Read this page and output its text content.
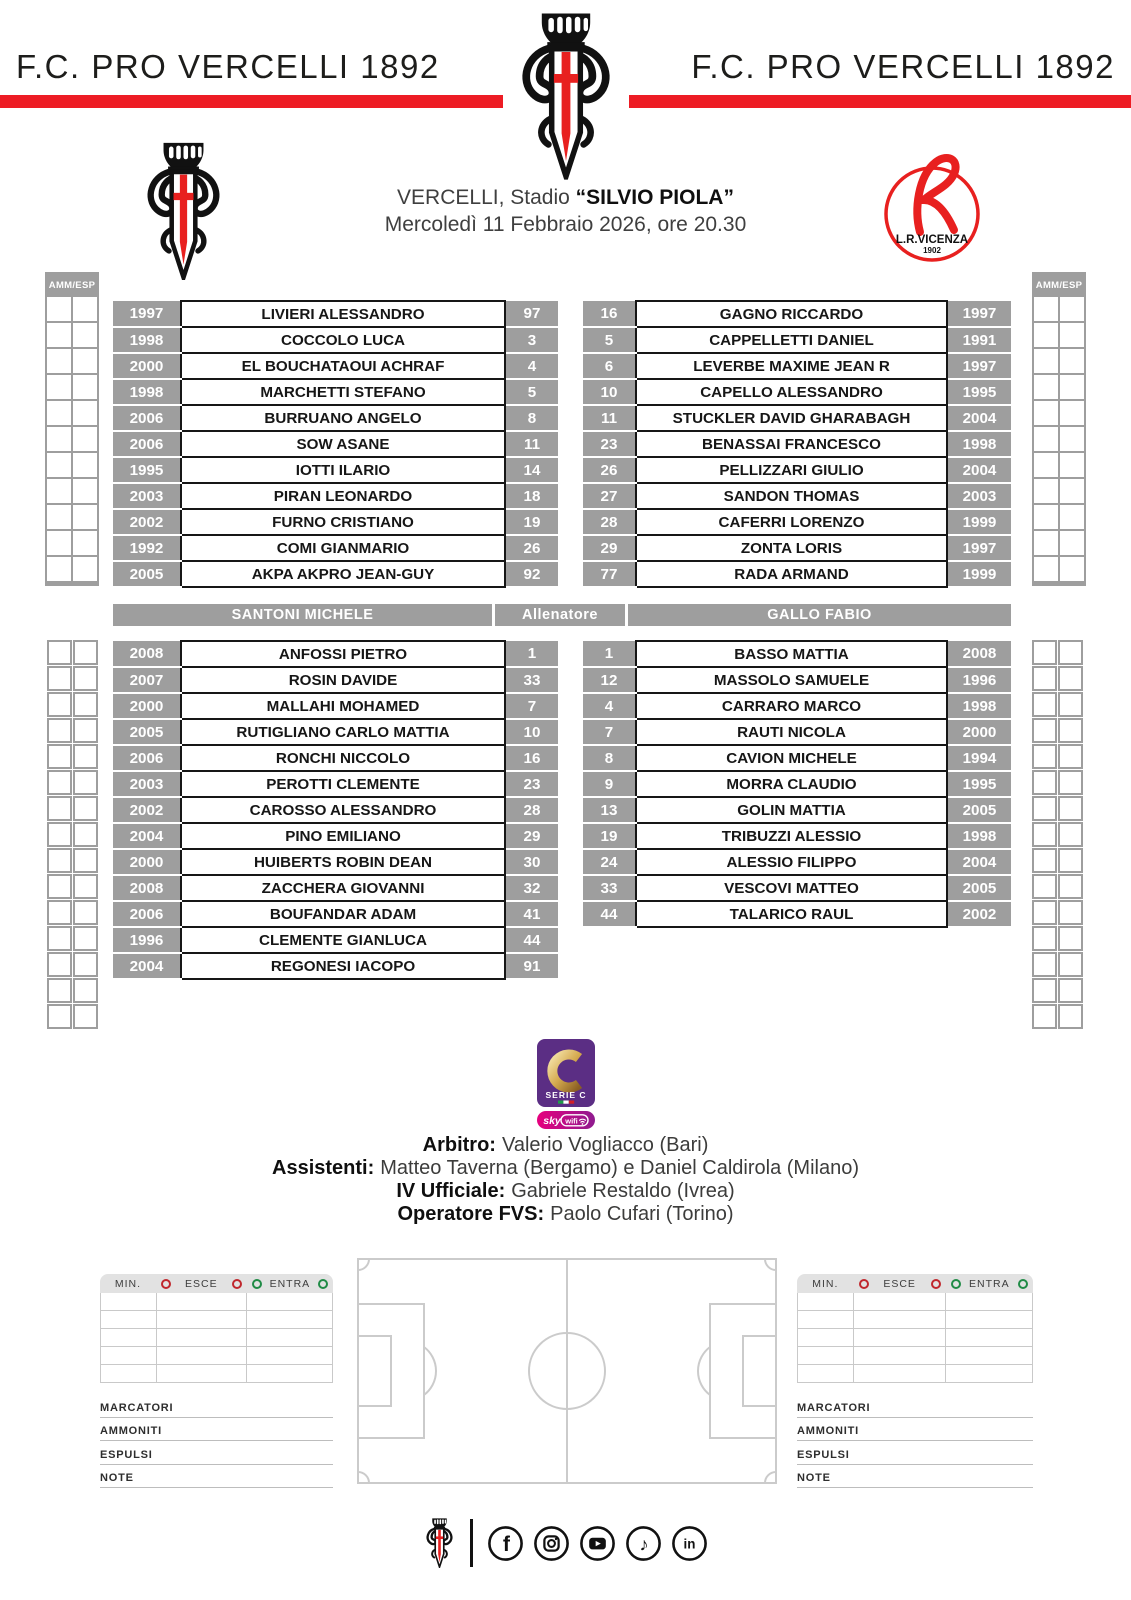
F.C. PRO VERCELLI 1892	F.C. PRO VERCELLI 1892
VERCELLI, Stadio “SILVIO PIOLA”
Mercoledì 11 Febbraio 2026, ore 20.30
L.R.VICENZA
1902
AMM/ESP	AMM/ESP
1997	LIVIERI ALESSANDRO	97
1998	COCCOLO LUCA	3
2000	EL BOUCHATAOUI ACHRAF	4
1998	MARCHETTI STEFANO	5
2006	BURRUANO ANGELO	8
2006	SOW ASANE	11
1995	IOTTI ILARIO	14
2003	PIRAN LEONARDO	18
2002	FURNO CRISTIANO	19
1992	COMI GIANMARIO	26
2005	AKPA AKPRO JEAN-GUY	92
16	GAGNO RICCARDO	1997
5	CAPPELLETTI DANIEL	1991
6	LEVERBE MAXIME JEAN R	1997
10	CAPELLO ALESSANDRO	1995
11	STUCKLER DAVID GHARABAGH	2004
23	BENASSAI FRANCESCO	1998
26	PELLIZZARI GIULIO	2004
27	SANDON THOMAS	2003
28	CAFERRI LORENZO	1999
29	ZONTA LORIS	1997
77	RADA ARMAND	1999
SANTONI MICHELE	Allenatore	GALLO FABIO
2008	ANFOSSI PIETRO	1
2007	ROSIN DAVIDE	33
2000	MALLAHI MOHAMED	7
2005	RUTIGLIANO CARLO MATTIA	10
2006	RONCHI NICCOLO	16
2003	PEROTTI CLEMENTE	23
2002	CAROSSO ALESSANDRO	28
2004	PINO EMILIANO	29
2000	HUIBERTS ROBIN DEAN	30
2008	ZACCHERA GIOVANNI	32
2006	BOUFANDAR ADAM	41
1996	CLEMENTE GIANLUCA	44
2004	REGONESI IACOPO	91
1	BASSO MATTIA	2008
12	MASSOLO SAMUELE	1996
4	CARRARO MARCO	1998
7	RAUTI NICOLA	2000
8	CAVION MICHELE	1994
9	MORRA CLAUDIO	1995
13	GOLIN MATTIA	2005
19	TRIBUZZI ALESSIO	1998
24	ALESSIO FILIPPO	2004
33	VESCOVI MATTEO	2005
44	TALARICO RAUL	2002
SERIE C
sky wifi
Arbitro: Valerio Vogliacco (Bari)
Assistenti: Matteo Taverna (Bergamo) e Daniel Caldirola (Milano)
IV Ufficiale: Gabriele Restaldo (Ivrea)
Operatore FVS: Paolo Cufari (Torino)
MIN.	ESCE	ENTRA
MARCATORI
AMMONITI
ESPULSI
NOTE
MIN.	ESCE	ENTRA
MARCATORI
AMMONITI
ESPULSI
NOTE
f	♪ in
